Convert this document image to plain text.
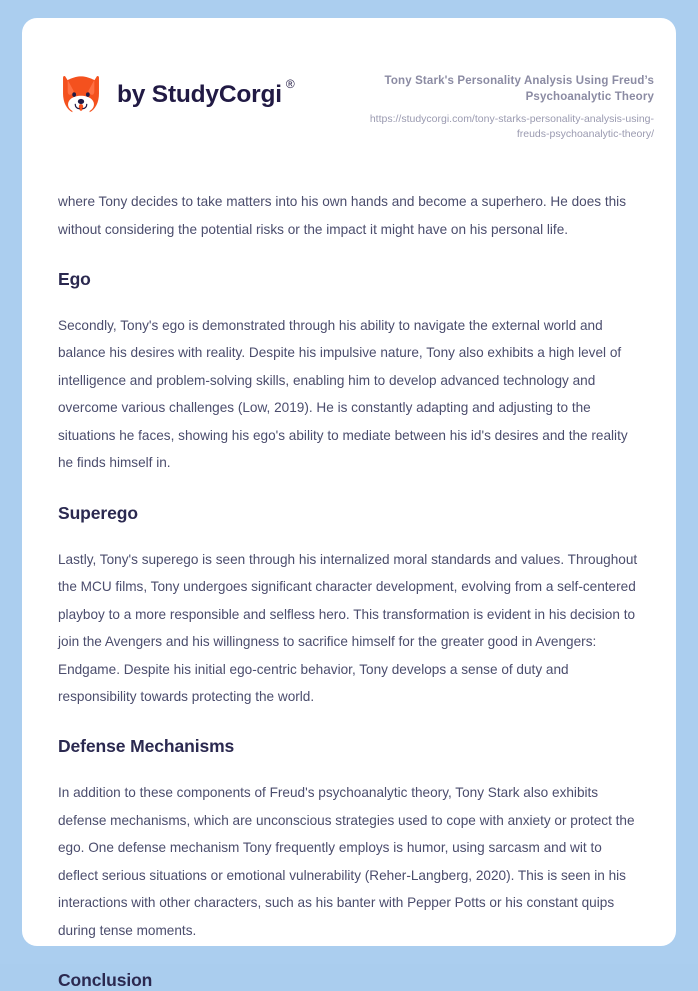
by StudyCorgi ®	Tony Stark's Personality Analysis Using Freud’s Psychoanalytic Theory
https://studycorgi.com/tony-starks-personality-analysis-using-freuds-psychoanalytic-theory/

where Tony decides to take matters into his own hands and become a superhero. He does this without considering the potential risks or the impact it might have on his personal life.

Ego

Secondly, Tony's ego is demonstrated through his ability to navigate the external world and balance his desires with reality. Despite his impulsive nature, Tony also exhibits a high level of intelligence and problem-solving skills, enabling him to develop advanced technology and overcome various challenges (Low, 2019). He is constantly adapting and adjusting to the situations he faces, showing his ego's ability to mediate between his id's desires and the reality he finds himself in.

Superego

Lastly, Tony's superego is seen through his internalized moral standards and values. Throughout the MCU films, Tony undergoes significant character development, evolving from a self-centered playboy to a more responsible and selfless hero. This transformation is evident in his decision to join the Avengers and his willingness to sacrifice himself for the greater good in Avengers: Endgame. Despite his initial ego-centric behavior, Tony develops a sense of duty and responsibility towards protecting the world.

Defense Mechanisms

In addition to these components of Freud's psychoanalytic theory, Tony Stark also exhibits defense mechanisms, which are unconscious strategies used to cope with anxiety or protect the ego. One defense mechanism Tony frequently employs is humor, using sarcasm and wit to deflect serious situations or emotional vulnerability (Reher-Langberg, 2020). This is seen in his interactions with other characters, such as his banter with Pepper Potts or his constant quips during tense moments.

Conclusion
